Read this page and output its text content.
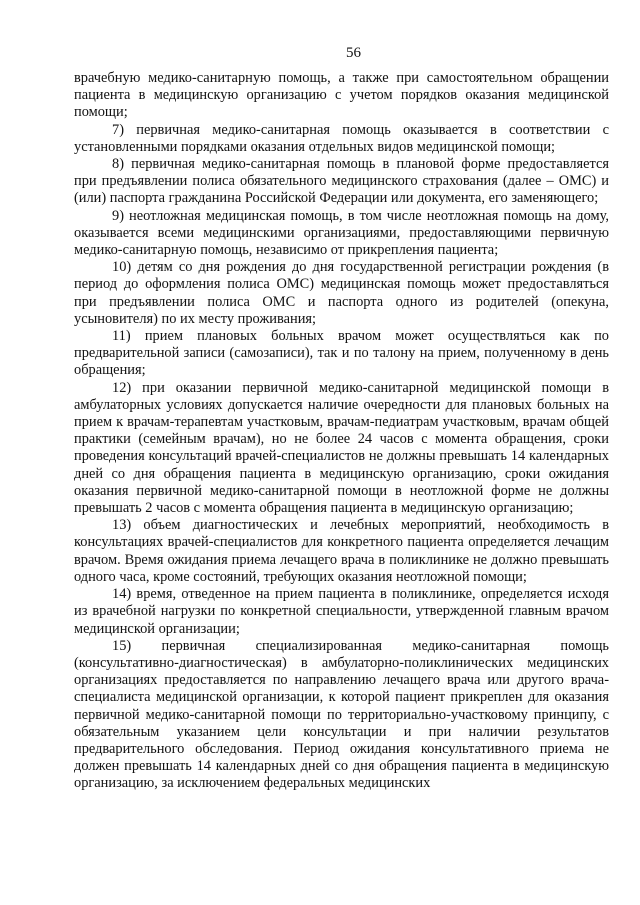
56

врачебную медико-санитарную помощь, а также при самостоятельном обращении пациента в медицинскую организацию с учетом порядков оказания медицинской помощи;

7) первичная медико-санитарная помощь оказывается в соответствии с установленными порядками оказания отдельных видов медицинской помощи;

8) первичная медико-санитарная помощь в плановой форме предоставляется при предъявлении полиса обязательного медицинского страхования (далее – ОМС) и (или) паспорта гражданина Российской Федерации или документа, его заменяющего;

9) неотложная медицинская помощь, в том числе неотложная помощь на дому, оказывается всеми медицинскими организациями, предоставляющими первичную медико-санитарную помощь, независимо от прикрепления пациента;

10) детям со дня рождения до дня государственной регистрации рождения (в период до оформления полиса ОМС) медицинская помощь может предоставляться при предъявлении полиса ОМС и паспорта одного из родителей (опекуна, усыновителя) по их месту проживания;

11) прием плановых больных врачом может осуществляться как по предварительной записи (самозаписи), так и по талону на прием, полученному в день обращения;

12) при оказании первичной медико-санитарной медицинской помощи в амбулаторных условиях допускается наличие очередности для плановых больных на прием к врачам-терапевтам участковым, врачам-педиатрам участковым, врачам общей практики (семейным врачам), но не более 24 часов с момента обращения, сроки проведения консультаций врачей-специалистов не должны превышать 14 календарных дней со дня обращения пациента в медицинскую организацию, сроки ожидания оказания первичной медико-санитарной помощи в неотложной форме не должны превышать 2 часов с момента обращения пациента в медицинскую организацию;

13) объем диагностических и лечебных мероприятий, необходимость в консультациях врачей-специалистов для конкретного пациента определяется лечащим врачом. Время ожидания приема лечащего врача в поликлинике не должно превышать одного часа, кроме состояний, требующих оказания неотложной помощи;

14) время, отведенное на прием пациента в поликлинике, определяется исходя из врачебной нагрузки по конкретной специальности, утвержденной главным врачом медицинской организации;

15) первичная специализированная медико-санитарная помощь (консультативно-диагностическая) в амбулаторно-поликлинических медицинских организациях предоставляется по направлению лечащего врача или другого врача-специалиста медицинской организации, к которой пациент прикреплен для оказания первичной медико-санитарной помощи по территориально-участковому принципу, с обязательным указанием цели консультации и при наличии результатов предварительного обследования. Период ожидания консультативного приема не должен превышать 14 календарных дней со дня обращения пациента в медицинскую организацию, за исключением федеральных медицинских
